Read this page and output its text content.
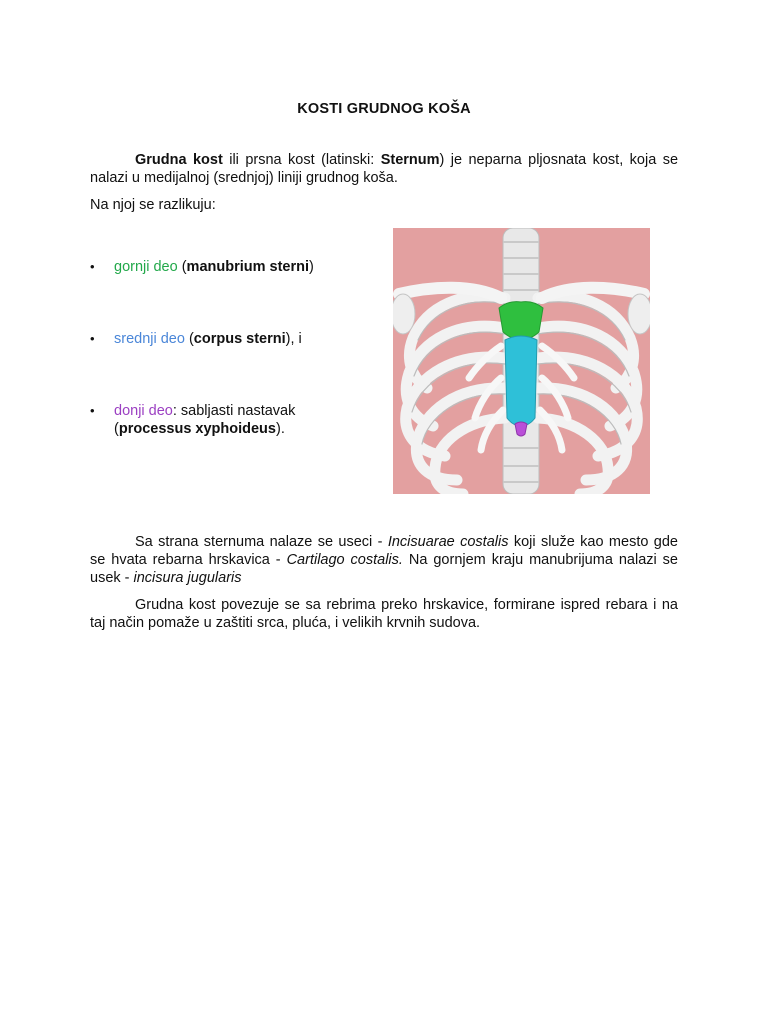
KOSTI GRUDNOG KOŠA

Grudna kost ili prsna kost (latinski: Sternum) je neparna pljosnata kost, koja se nalazi u medijalnoj (srednjoj) liniji grudnog koša.

Na njoj se razlikuju:

• gornji deo (manubrium sterni)
• srednji deo (corpus sterni), i
• donji deo: sabljasti nastavak (processus xyphoideus).

Sa strana sternuma nalaze se useci - Incisuarae costalis koji služe kao mesto gde se hvata rebarna hrskavica - Cartilago costalis. Na gornjem kraju manubrijuma nalazi se usek - incisura jugularis

Grudna kost povezuje se sa rebrima preko hrskavice, formirane ispred rebara i na taj način pomaže u zaštiti srca, pluća, i velikih krvnih sudova.
